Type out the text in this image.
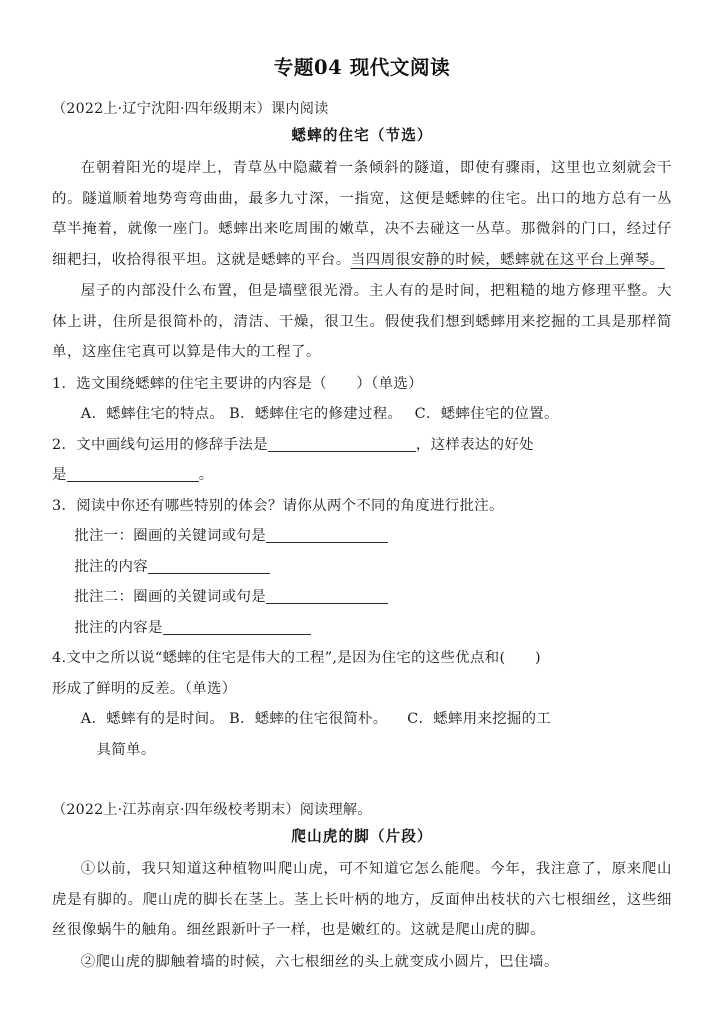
专题04 现代文阅读

（2022上·辽宁沈阳·四年级期末）课内阅读

蟋蟀的住宅（节选）

在朝着阳光的堤岸上，青草丛中隐藏着一条倾斜的隧道，即使有骤雨，这里也立刻就会干的。隧道顺着地势弯弯曲曲，最多九寸深，一指宽，这便是蟋蟀的住宅。出口的地方总有一丛草半掩着，就像一座门。蟋蟀出来吃周围的嫩草，决不去碰这一丛草。那微斜的门口，经过仔细耙扫，收拾得很平坦。这就是蟋蟀的平台。当四周很安静的时候，蟋蟀就在这平台上弹琴。

屋子的内部没什么布置，但是墙壁很光滑。主人有的是时间，把粗糙的地方修理平整。大体上讲，住所是很简朴的，清洁、干燥，很卫生。假使我们想到蟋蟀用来挖掘的工具是那样简单，这座住宅真可以算是伟大的工程了。

1．选文围绕蟋蟀的住宅主要讲的内容是（　　）（单选）

A．蟋蟀住宅的特点。 B．蟋蟀住宅的修建过程。　 C．蟋蟀住宅的位置。

2．文中画线句运用的修辞手法是	，这样表达的好处

是	。

3．阅读中你还有哪些特别的体会？请你从两个不同的角度进行批注。

批注一：圈画的关键词或句是

批注的内容

批注二：圈画的关键词或句是

批注的内容是

4.文中之所以说“蟋蟀的住宅是伟大的工程”,是因为住宅的这些优点和(　　)

形成了鲜明的反差。（单选）

A．蟋蟀有的是时间。 B．蟋蟀的住宅很简朴。 　C．蟋蟀用来挖掘的工

具简单。

（2022上·江苏南京·四年级校考期末）阅读理解。

爬山虎的脚（片段）

①以前，我只知道这种植物叫爬山虎，可不知道它怎么能爬。今年，我注意了，原来爬山虎是有脚的。爬山虎的脚长在茎上。茎上长叶柄的地方，反面伸出枝状的六七根细丝，这些细丝很像蜗牛的触角。细丝跟新叶子一样，也是嫩红的。这就是爬山虎的脚。

②爬山虎的脚触着墙的时候，六七根细丝的头上就变成小圆片，巴住墙。
